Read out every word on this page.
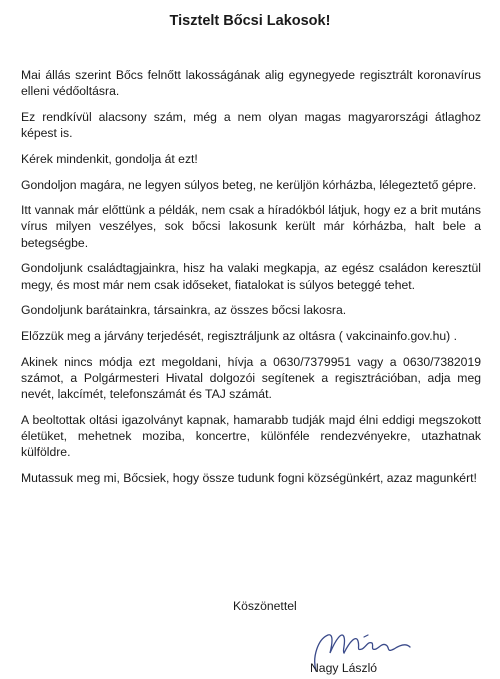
Tisztelt Bőcsi Lakosok!

Mai állás szerint Bőcs felnőtt lakosságának alig egynegyede regisztrált koronavírus elleni védőoltásra.

Ez rendkívül alacsony szám, még a nem olyan magas magyarországi átlaghoz képest is.

Kérek mindenkit, gondolja át ezt!

Gondoljon magára, ne legyen súlyos beteg, ne kerüljön kórházba, lélegeztető gépre.

Itt vannak már előttünk a példák, nem csak a híradókból látjuk, hogy ez a brit mutáns vírus milyen veszélyes, sok bőcsi lakosunk került már kórházba, halt bele a betegségbe.

Gondoljunk családtagjainkra, hisz ha valaki megkapja, az egész családon keresztül megy, és most már nem csak időseket, fiatalokat is súlyos beteggé tehet.

Gondoljunk barátainkra, társainkra, az összes bőcsi lakosra.

Előzzük meg a járvány terjedését, regisztráljunk az oltásra ( vakcinainfo.gov.hu) .

Akinek nincs módja ezt megoldani, hívja a 0630/7379951 vagy a 0630/7382019 számot, a Polgármesteri Hivatal dolgozói segítenek a regisztrációban, adja meg nevét, lakcímét, telefonszámát és TAJ számát.

A beoltottak oltási igazolványt kapnak, hamarabb tudják majd élni eddigi megszokott életüket, mehetnek moziba, koncertre, különféle rendezvényekre, utazhatnak külföldre.

Mutassuk meg mi, Bőcsiek, hogy össze tudunk fogni községünkért, azaz magunkért!

Köszönettel
Nagy László
